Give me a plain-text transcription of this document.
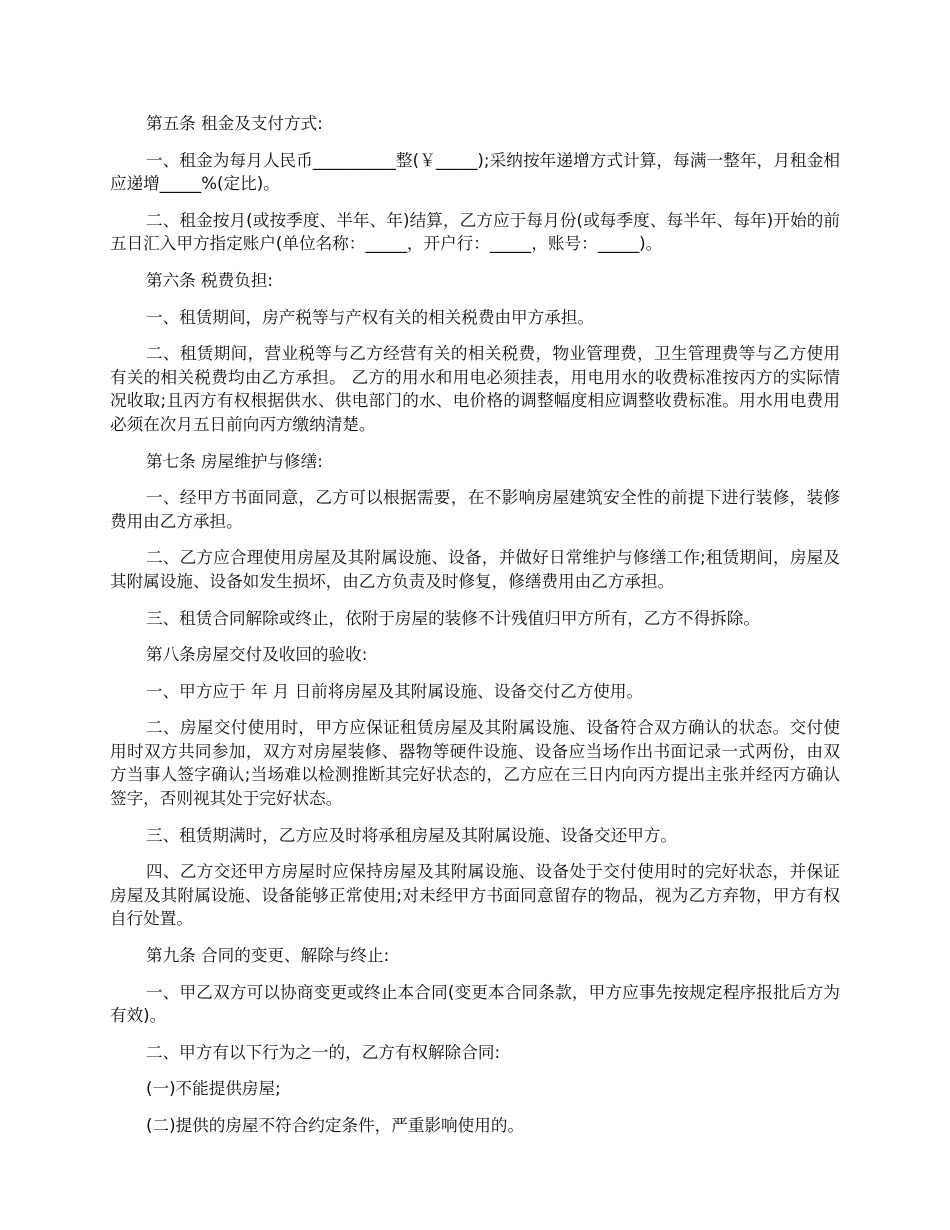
第五条 租金及支付方式:

一、租金为每月人民币__________整(￥_____);采纳按年递增方式计算，每满一整年，月租金相应递增_____%(定比)。

二、租金按月(或按季度、半年、年)结算，乙方应于每月份(或每季度、每半年、每年)开始的前五日汇入甲方指定账户(单位名称：_____，开户行：_____，账号：_____)。

第六条 税费负担:

一、租赁期间，房产税等与产权有关的相关税费由甲方承担。

二、租赁期间，营业税等与乙方经营有关的相关税费，物业管理费，卫生管理费等与乙方使用有关的相关税费均由乙方承担。 乙方的用水和用电必须挂表，用电用水的收费标准按丙方的实际情况收取;且丙方有权根据供水、供电部门的水、电价格的调整幅度相应调整收费标准。用水用电费用必须在次月五日前向丙方缴纳清楚。

第七条 房屋维护与修缮:

一、经甲方书面同意，乙方可以根据需要，在不影响房屋建筑安全性的前提下进行装修，装修费用由乙方承担。

二、乙方应合理使用房屋及其附属设施、设备，并做好日常维护与修缮工作;租赁期间，房屋及其附属设施、设备如发生损坏，由乙方负责及时修复，修缮费用由乙方承担。

三、租赁合同解除或终止，依附于房屋的装修不计残值归甲方所有，乙方不得拆除。

第八条房屋交付及收回的验收:

一、甲方应于 年 月 日前将房屋及其附属设施、设备交付乙方使用。

二、房屋交付使用时，甲方应保证租赁房屋及其附属设施、设备符合双方确认的状态。交付使用时双方共同参加，双方对房屋装修、器物等硬件设施、设备应当场作出书面记录一式两份，由双方当事人签字确认;当场难以检测推断其完好状态的，乙方应在三日内向丙方提出主张并经丙方确认签字，否则视其处于完好状态。

三、租赁期满时，乙方应及时将承租房屋及其附属设施、设备交还甲方。

四、乙方交还甲方房屋时应保持房屋及其附属设施、设备处于交付使用时的完好状态，并保证房屋及其附属设施、设备能够正常使用;对未经甲方书面同意留存的物品，视为乙方弃物，甲方有权自行处置。

第九条 合同的变更、解除与终止:

一、甲乙双方可以协商变更或终止本合同(变更本合同条款，甲方应事先按规定程序报批后方为有效)。

二、甲方有以下行为之一的，乙方有权解除合同:

(一)不能提供房屋;

(二)提供的房屋不符合约定条件，严重影响使用的。
